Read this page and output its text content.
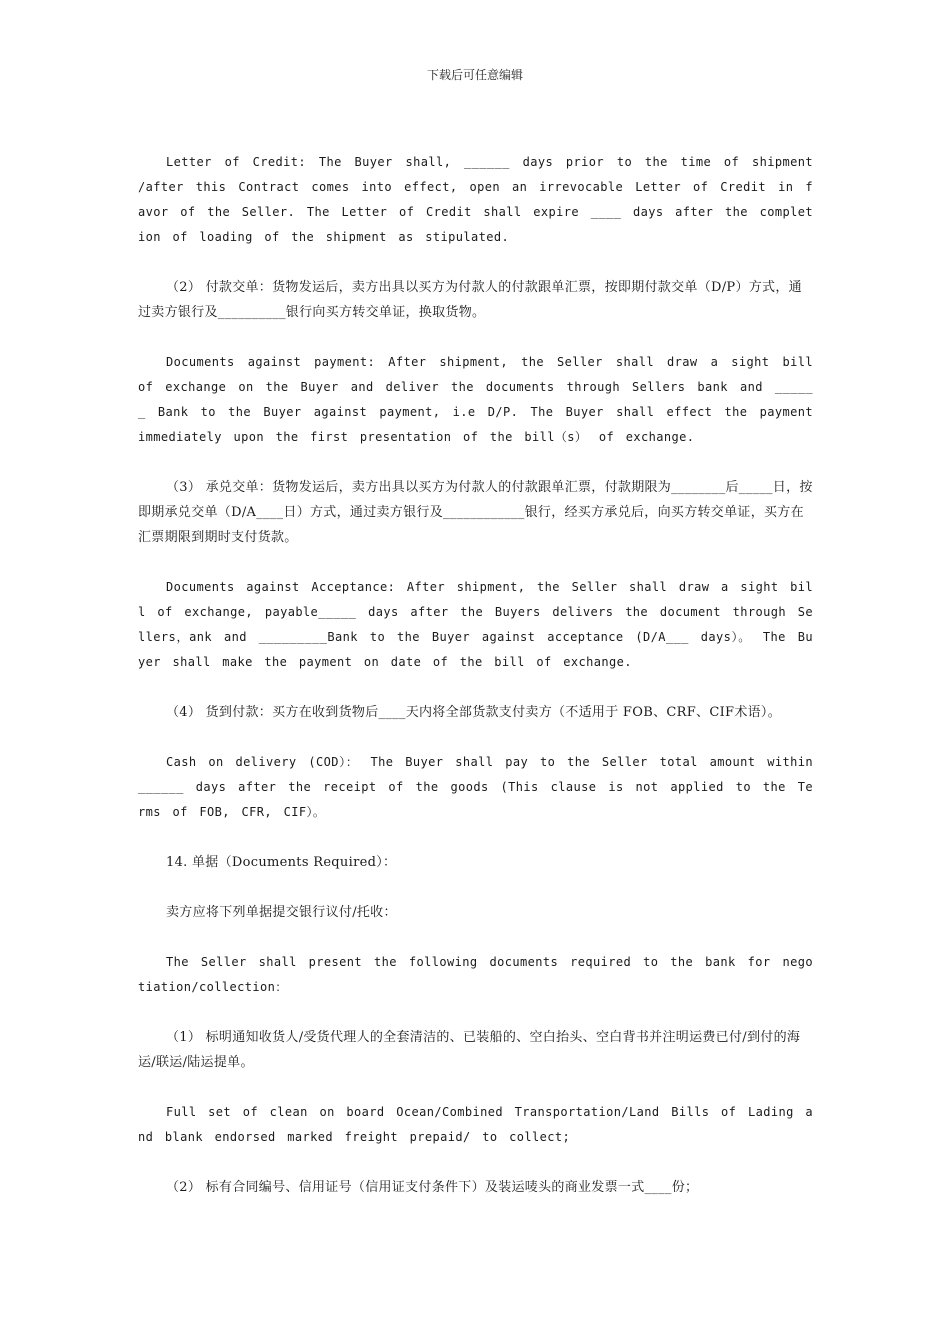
下载后可任意编辑

Letter of Credit: The Buyer shall, ______ days prior to the time of shipment /after this Contract comes into effect, open an irrevocable Letter of Credit in favor of the Seller. The Letter of Credit shall expire ____ days after the completion of loading of the shipment as stipulated.

（2） 付款交单：货物发运后，卖方出具以买方为付款人的付款跟单汇票，按即期付款交单（D/P）方式，通过卖方银行及__________银行向买方转交单证，换取货物。

Documents against payment: After shipment, the Seller shall draw a sight bill of exchange on the Buyer and deliver the documents through Sellers bank and ______ Bank to the Buyer against payment, i.e D/P. The Buyer shall effect the payment immediately upon the first presentation of the bill（s） of exchange.

（3） 承兑交单：货物发运后，卖方出具以买方为付款人的付款跟单汇票，付款期限为________后_____日，按即期承兑交单（D/A____日）方式，通过卖方银行及____________银行，经买方承兑后，向买方转交单证，买方在汇票期限到期时支付货款。

Documents against Acceptance: After shipment, the Seller shall draw a sight bill of exchange, payable_____ days after the Buyers delivers the document through Sellers，ank and _________Bank to the Buyer against acceptance (D/A___ days）。 The Buyer shall make the payment on date of the bill of exchange.

（4） 货到付款：买方在收到货物后____天内将全部货款支付卖方（不适用于 FOB、CRF、CIF术语）。

Cash on delivery (COD）： The Buyer shall pay to the Seller total amount within ______ days after the receipt of the goods (This clause is not applied to the Terms of FOB, CFR, CIF）。

14. 单据（Documents Required）：

卖方应将下列单据提交银行议付/托收：

The Seller shall present the following documents required to the bank for negotiation/collection：

（1） 标明通知收货人/受货代理人的全套清洁的、已装船的、空白抬头、空白背书并注明运费已付/到付的海运/联运/陆运提单。

Full set of clean on board Ocean/Combined Transportation/Land Bills of Lading and blank endorsed marked freight prepaid/ to collect;

（2） 标有合同编号、信用证号（信用证支付条件下）及装运唛头的商业发票一式____份；
